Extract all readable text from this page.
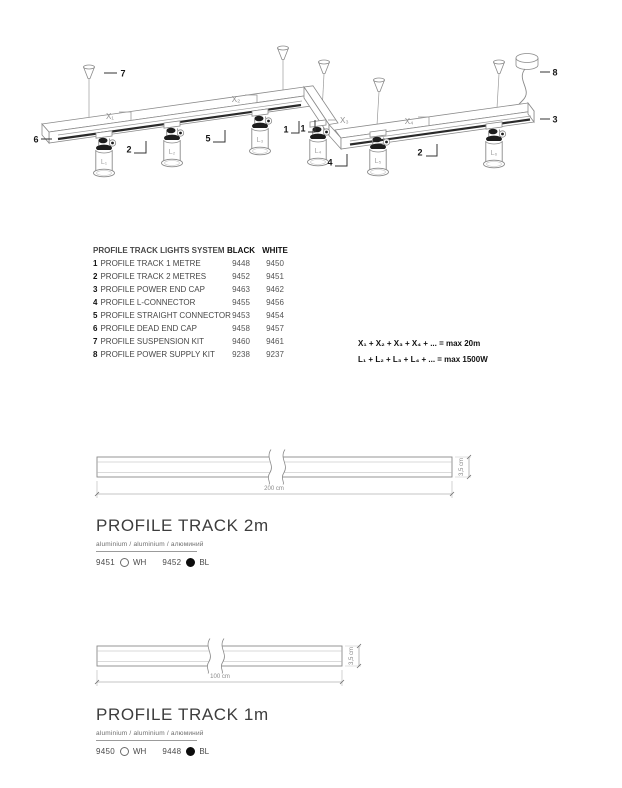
L₁
L₂
L₃
L₄
L₅
L₆
X₁
X₂
X₃	X₄
7	8
3
6
2
5
1 1
4
2
200 cm
3,5 cm
100 cm
3,5 cm
PROFILE TRACK LIGHTS SYSTEM BLACK WHITE
1 PROFILE TRACK 1 METRE	9448	9450
2 PROFILE TRACK 2 METRES	9452	9451
3 PROFILE POWER END CAP	9463	9462
4 PROFILE L-CONNECTOR	9455	9456
5 PROFILE STRAIGHT CONNECTOR 9453	9454
6 PROFILE DEAD END CAP	9458	9457
7 PROFILE SUSPENSION KIT	9460	9461
8 PROFILE POWER SUPPLY KIT	9238	9237
X₁ + X₂ + X₃ + X₄ + ... = max 20m
L₁ + L₂ + L₃ + L₄ + ... = max 1500W
PROFILE TRACK 2m
aluminium / aluminium / алюминий
9451 WH 9452 BL
PROFILE TRACK 1m
aluminium / aluminium / алюминий
9450 WH 9448 BL
